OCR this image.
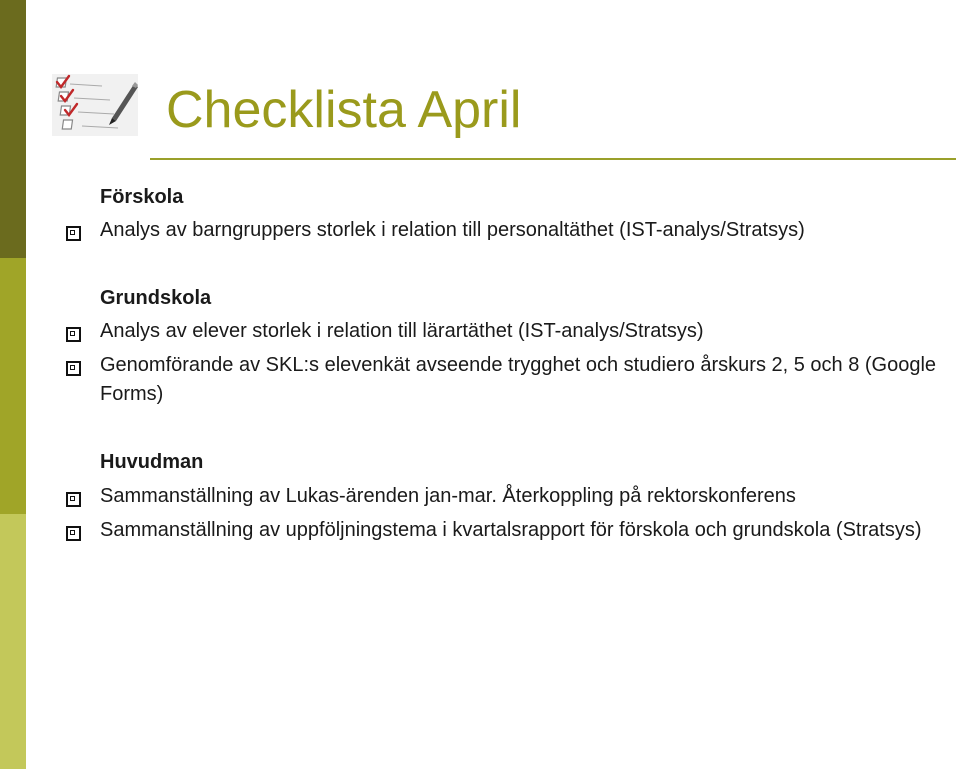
Checklista April
Förskola

Analys av barngruppers storlek i relation till personaltäthet (IST-analys/Stratsys)

Grundskola

Analys av elever storlek i relation till lärartäthet (IST-analys/Stratsys)

Genomförande av SKL:s elevenkät avseende trygghet och studiero årskurs 2, 5 och 8 (Google Forms)

Huvudman

Sammanställning av Lukas-ärenden jan-mar. Återkoppling på rektorskonferens

Sammanställning av uppföljningstema i kvartalsrapport för förskola och grundskola (Stratsys)
